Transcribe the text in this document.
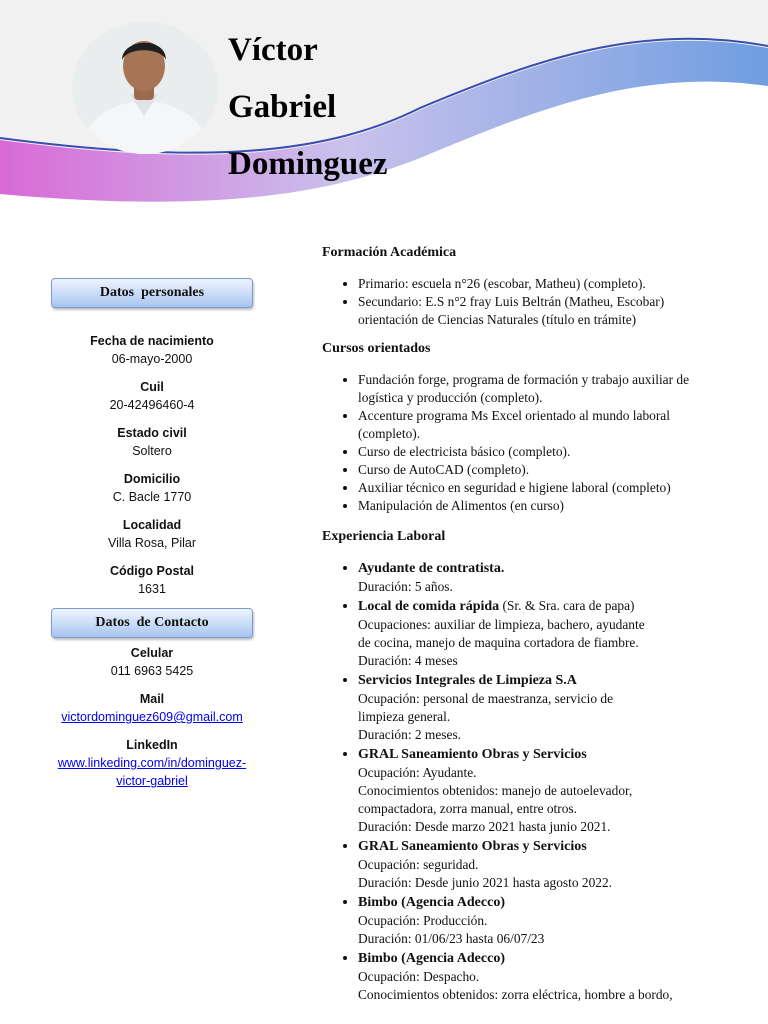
Víctor
Gabriel
Dominguez
Datos  personales
Fecha de nacimiento
06-mayo-2000
Cuil
20-42496460-4
Estado civil
Soltero
Domicilio
C. Bacle 1770
Localidad
Villa Rosa, Pilar
Código Postal
1631
Datos  de Contacto
Celular
011 6963 5425
Mail
victordominguez609@gmail.com
LinkedIn
www.linkeding.com/in/dominguez-
victor-gabriel
Formación Académica
• Primario: escuela n°26 (escobar, Matheu) (completo).
• Secundario: E.S n°2 fray Luis Beltrán (Matheu, Escobar)
orientación de Ciencias Naturales (título en trámite)
Cursos orientados
• Fundación forge, programa de formación y trabajo auxiliar de
logística y producción (completo).
• Accenture programa Ms Excel orientado al mundo laboral
(completo).
• Curso de electricista básico (completo).
• Curso de AutoCAD (completo).
• Auxiliar técnico en seguridad e higiene laboral (completo)
• Manipulación de Alimentos (en curso)
Experiencia Laboral
• Ayudante de contratista.
Duración: 5 años.
• Local de comida rápida (Sr. & Sra. cara de papa)
Ocupaciones: auxiliar de limpieza, bachero, ayudante
de cocina, manejo de maquina cortadora de fiambre.
Duración: 4 meses
• Servicios Integrales de Limpieza S.A
Ocupación: personal de maestranza, servicio de
limpieza general.
Duración: 2 meses.
• GRAL Saneamiento Obras y Servicios
Ocupación: Ayudante.
Conocimientos obtenidos: manejo de autoelevador,
compactadora, zorra manual, entre otros.
Duración: Desde marzo 2021 hasta junio 2021.
• GRAL Saneamiento Obras y Servicios
Ocupación: seguridad.
Duración: Desde junio 2021 hasta agosto 2022.
• Bimbo (Agencia Adecco)
Ocupación: Producción.
Duración: 01/06/23 hasta 06/07/23
• Bimbo (Agencia Adecco)
Ocupación: Despacho.
Conocimientos obtenidos: zorra eléctrica, hombre a bordo,
